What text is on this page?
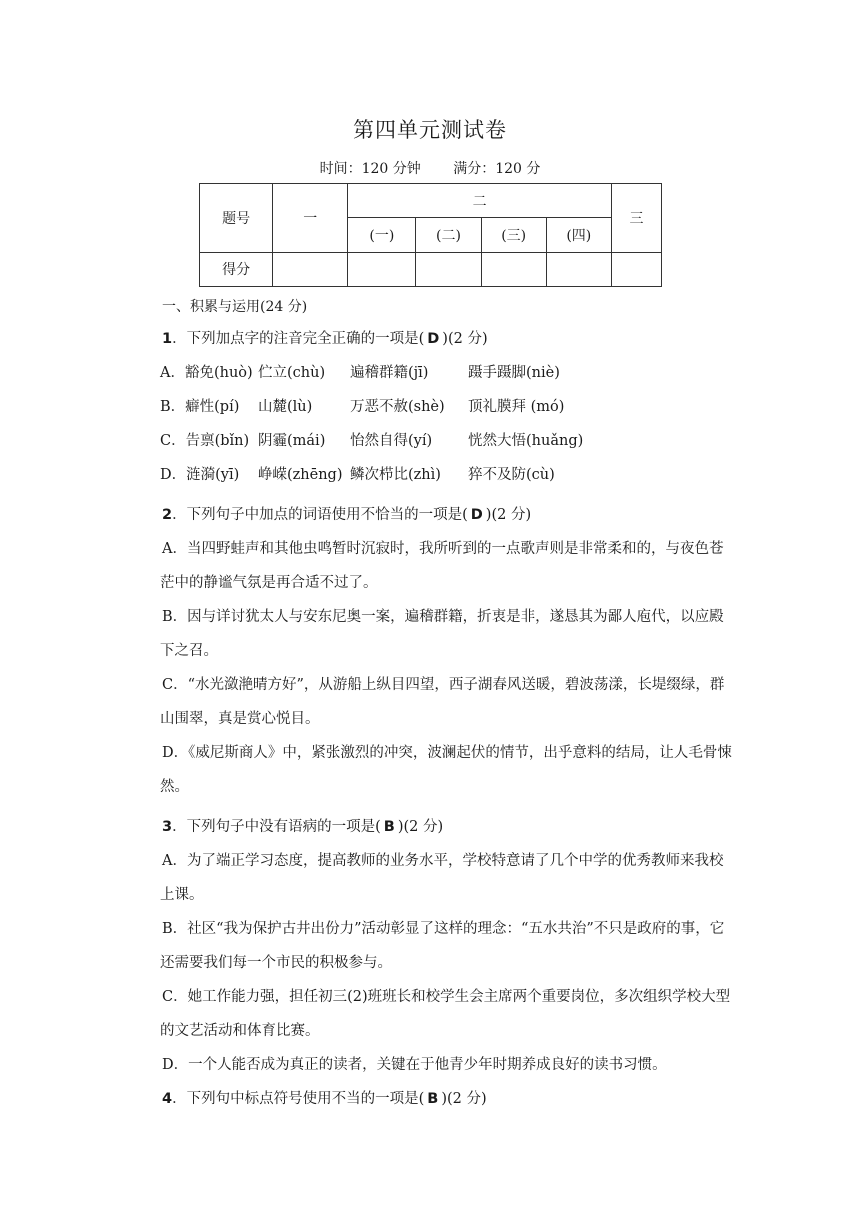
第四单元测试卷
时间：120 分钟 满分：120 分
题号	一	二				三
		(一)	(二)	(三)	(四)	
得分						
一、积累与运用(24 分)

1．下列加点字的注音完全正确的一项是( D )(2 分)

A．豁免(huò) 伫立(chù) 遍稽群籍(jī)	蹑手蹑脚(niè)

B．癖性(pí) 山麓(lù)	万恶不赦(shè) 顶礼膜拜 (mó)

C．告禀(bǐn) 阴霾(mái) 怡然自得(yí) 恍然大悟(huǎng)

D．涟漪(yī) 峥嵘(zhēng) 鳞次栉比(zhì) 猝不及防(cù)

2．下列句子中加点的词语使用不恰当的一项是( D )(2 分)

A．当四野蛙声和其他虫鸣暂时沉寂时，我所听到的一点歌声则是非常柔和的，与夜色苍茫中的静谧气氛是再合适不过了。

B．因与详讨犹太人与安东尼奥一案，遍稽群籍，折衷是非，遂恳其为鄙人庖代，以应殿下之召。

C．“水光潋滟晴方好”，从游船上纵目四望，西子湖春风送暖，碧波荡漾，长堤缀绿，群山围翠，真是赏心悦目。

D．《威尼斯商人》中，紧张激烈的冲突，波澜起伏的情节，出乎意料的结局，让人毛骨悚然。

3．下列句子中没有语病的一项是( B )(2 分)

A．为了端正学习态度，提高教师的业务水平，学校特意请了几个中学的优秀教师来我校上课。

B．社区“我为保护古井出份力”活动彰显了这样的理念：“五水共治”不只是政府的事，它还需要我们每一个市民的积极参与。

C．她工作能力强，担任初三(2)班班长和校学生会主席两个重要岗位，多次组织学校大型的文艺活动和体育比赛。

D．一个人能否成为真正的读者，关键在于他青少年时期养成良好的读书习惯。

4．下列句中标点符号使用不当的一项是( B )(2 分)
